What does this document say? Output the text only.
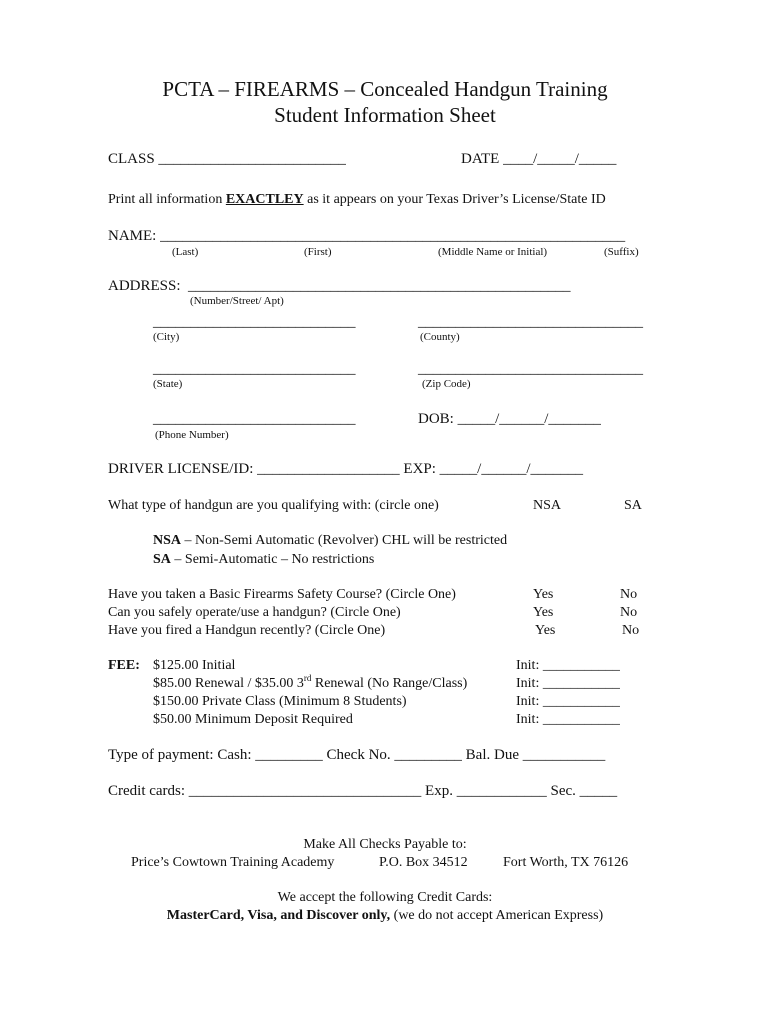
PCTA – FIREARMS – Concealed Handgun Training
Student Information Sheet
CLASS _________________________	DATE ____/_____/_____
Print all information EXACTLEY as it appears on your Texas Driver’s License/State ID
NAME: ______________________________________________________________
(Last)	(First)	(Middle Name or Initial)	(Suffix)
ADDRESS: ___________________________________________________
(Number/Street/ Apt)
___________________________
(City)
______________________________
(County)
___________________________
(State)
______________________________
(Zip Code)
___________________________
(Phone Number)
DOB: _____/______/_______
DRIVER LICENSE/ID: ___________________ EXP: _____/______/_______
What type of handgun are you qualifying with: (circle one)	NSA	SA
NSA – Non-Semi Automatic (Revolver) CHL will be restricted
SA – Semi-Automatic – No restrictions
Have you taken a Basic Firearms Safety Course? (Circle One)	Yes	No
Can you safely operate/use a handgun? (Circle One)	Yes	No
Have you fired a Handgun recently? (Circle One)	Yes	No
FEE: $125.00 Initial	Init: ___________
$85.00 Renewal / $35.00 3rd Renewal (No Range/Class)	Init: ___________
$150.00 Private Class (Minimum 8 Students)	Init: ___________
$50.00 Minimum Deposit Required	Init: ___________
Type of payment: Cash: _________ Check No. _________ Bal. Due ___________
Credit cards: _______________________________ Exp. ____________ Sec. _____
Make All Checks Payable to:
Price’s Cowtown Training Academy	P.O. Box 34512	Fort Worth, TX 76126
We accept the following Credit Cards:
MasterCard, Visa, and Discover only, (we do not accept American Express)
